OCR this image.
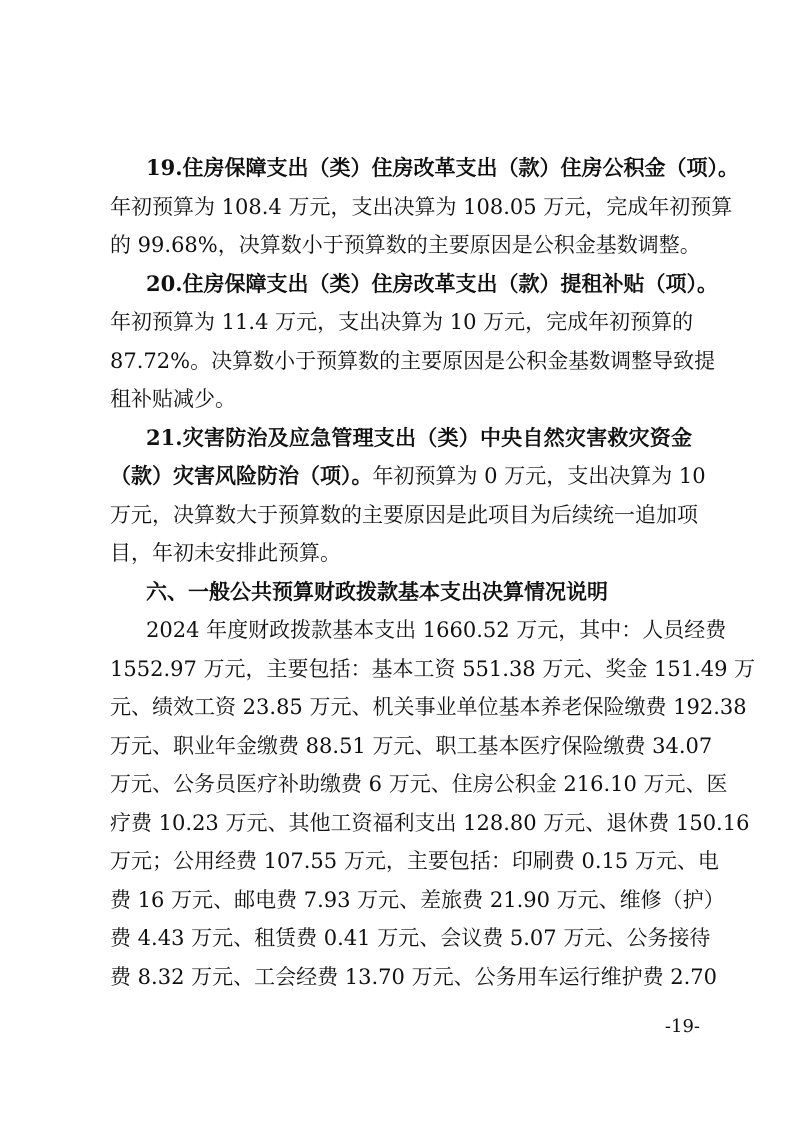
19.住房保障支出（类）住房改革支出（款）住房公积金（项）。
年初预算为 108.4 万元，支出决算为 108.05 万元，完成年初预算
的 99.68%，决算数小于预算数的主要原因是公积金基数调整。
20.住房保障支出（类）住房改革支出（款）提租补贴（项）。
年初预算为 11.4 万元，支出决算为 10 万元，完成年初预算的
87.72%。决算数小于预算数的主要原因是公积金基数调整导致提
租补贴减少。
21.灾害防治及应急管理支出（类）中央自然灾害救灾资金
（款）灾害风险防治（项）。年初预算为 0 万元，支出决算为 10
万元，决算数大于预算数的主要原因是此项目为后续统一追加项
目，年初未安排此预算。
六、一般公共预算财政拨款基本支出决算情况说明
2024 年度财政拨款基本支出 1660.52 万元，其中：人员经费
1552.97 万元，主要包括：基本工资 551.38 万元、奖金 151.49 万
元、绩效工资 23.85 万元、机关事业单位基本养老保险缴费 192.38
万元、职业年金缴费 88.51 万元、职工基本医疗保险缴费 34.07
万元、公务员医疗补助缴费 6 万元、住房公积金 216.10 万元、医
疗费 10.23 万元、其他工资福利支出 128.80 万元、退休费 150.16
万元；公用经费 107.55 万元，主要包括：印刷费 0.15 万元、电
费 16 万元、邮电费 7.93 万元、差旅费 21.90 万元、维修（护）
费 4.43 万元、租赁费 0.41 万元、会议费 5.07 万元、公务接待
费 8.32 万元、工会经费 13.70 万元、公务用车运行维护费 2.70
-19-
